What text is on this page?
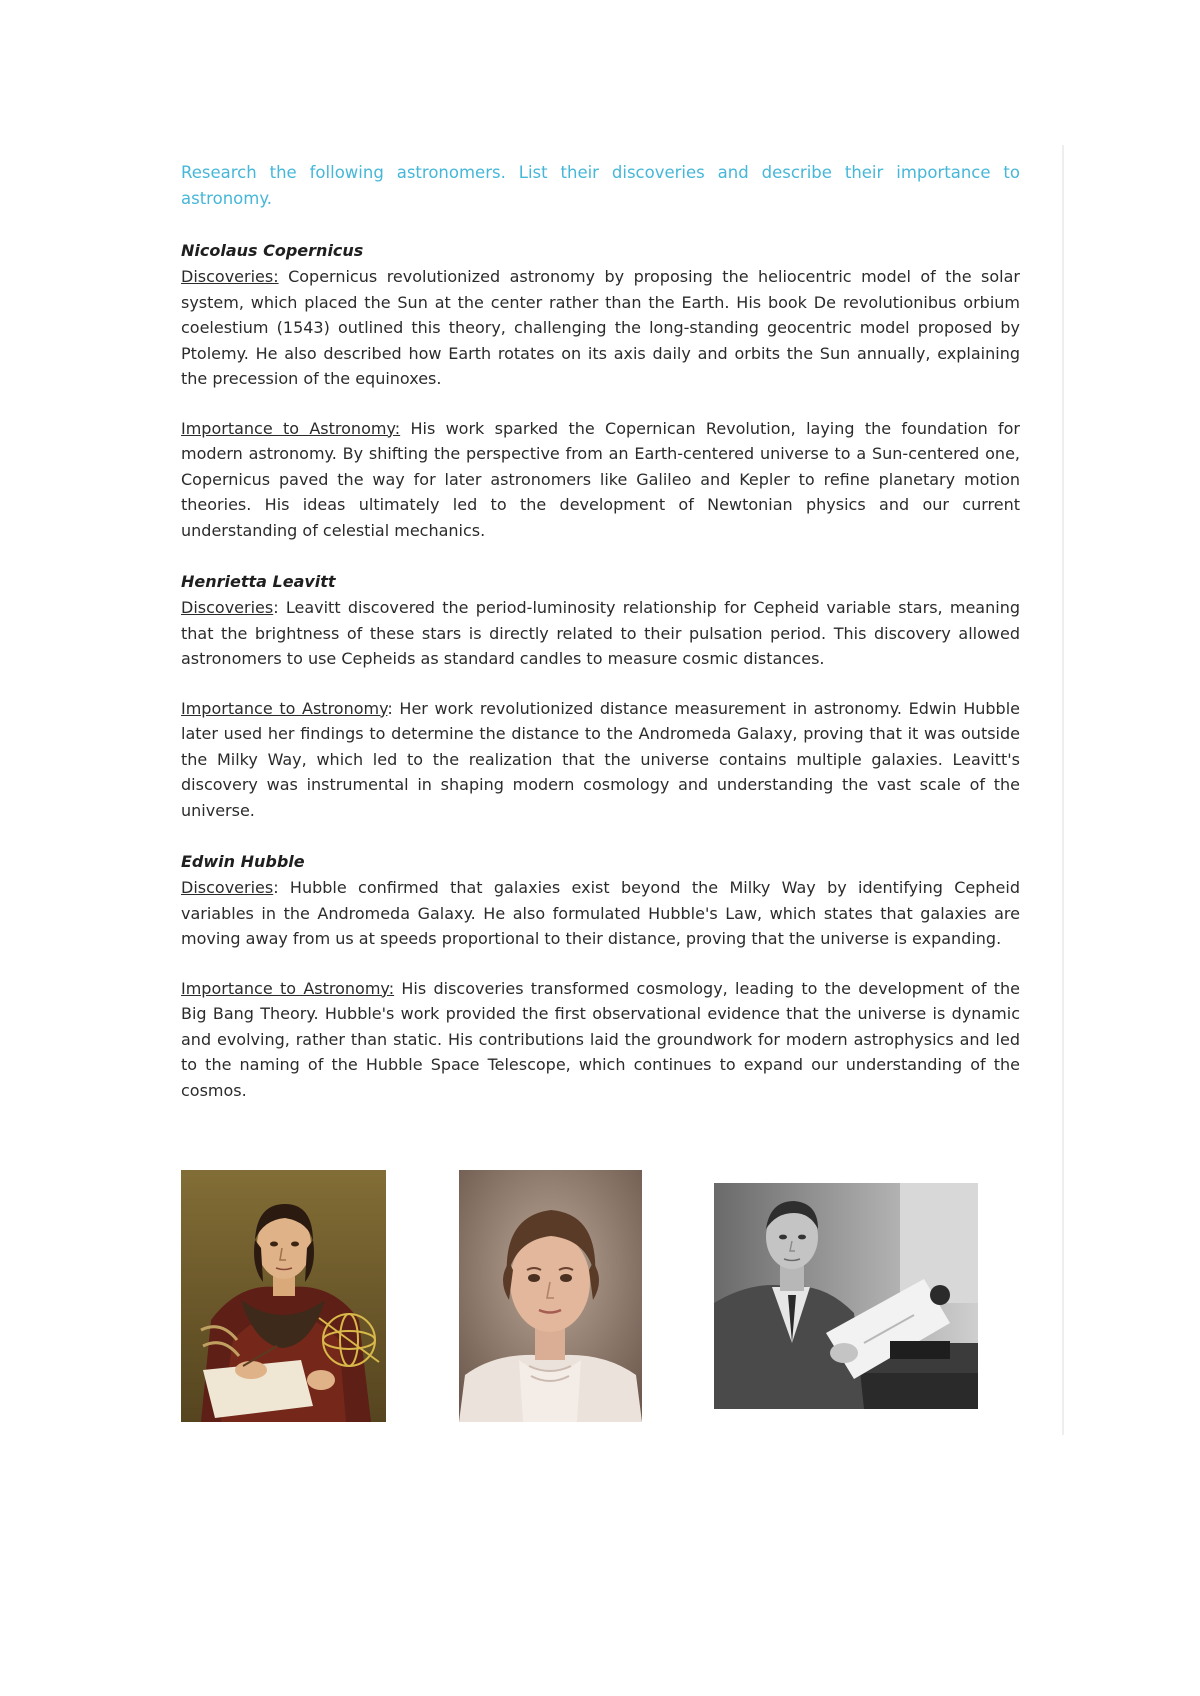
Research the following astronomers. List their discoveries and describe their importance to astronomy.

Nicolaus Copernicus

Discoveries: Copernicus revolutionized astronomy by proposing the heliocentric model of the solar system, which placed the Sun at the center rather than the Earth. His book De revolutionibus orbium coelestium (1543) outlined this theory, challenging the long-standing geocentric model proposed by Ptolemy. He also described how Earth rotates on its axis daily and orbits the Sun annually, explaining the precession of the equinoxes.

Importance to Astronomy: His work sparked the Copernican Revolution, laying the foundation for modern astronomy. By shifting the perspective from an Earth-centered universe to a Sun-centered one, Copernicus paved the way for later astronomers like Galileo and Kepler to refine planetary motion theories. His ideas ultimately led to the development of Newtonian physics and our current understanding of celestial mechanics.

Henrietta Leavitt

Discoveries: Leavitt discovered the period-luminosity relationship for Cepheid variable stars, meaning that the brightness of these stars is directly related to their pulsation period. This discovery allowed astronomers to use Cepheids as standard candles to measure cosmic distances.

Importance to Astronomy: Her work revolutionized distance measurement in astronomy. Edwin Hubble later used her findings to determine the distance to the Andromeda Galaxy, proving that it was outside the Milky Way, which led to the realization that the universe contains multiple galaxies. Leavitt's discovery was instrumental in shaping modern cosmology and understanding the vast scale of the universe.

Edwin Hubble

Discoveries: Hubble confirmed that galaxies exist beyond the Milky Way by identifying Cepheid variables in the Andromeda Galaxy. He also formulated Hubble's Law, which states that galaxies are moving away from us at speeds proportional to their distance, proving that the universe is expanding.

Importance to Astronomy: His discoveries transformed cosmology, leading to the development of the Big Bang Theory. Hubble's work provided the first observational evidence that the universe is dynamic and evolving, rather than static. His contributions laid the groundwork for modern astrophysics and led to the naming of the Hubble Space Telescope, which continues to expand our understanding of the cosmos.
